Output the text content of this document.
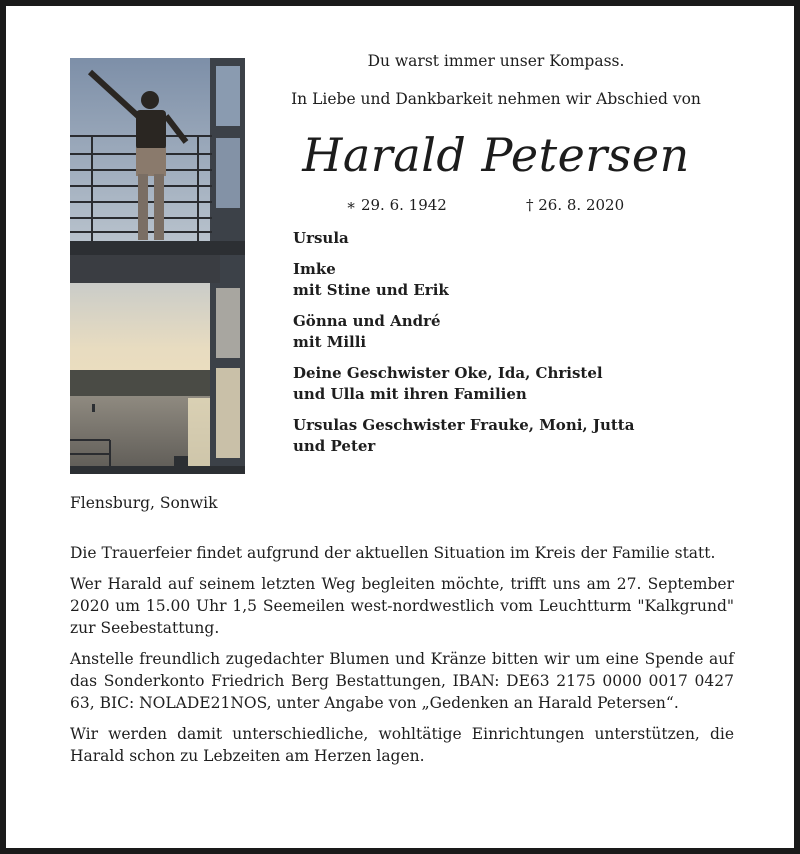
Du warst immer unser Kompass.
In Liebe und Dankbarkeit nehmen wir Abschied von
Harald Petersen
∗ 29. 6. 1942	† 26. 8. 2020
Ursula
Imke
mit Stine und Erik
Gönna und André
mit Milli
Deine Geschwister Oke, Ida, Christel
und Ulla mit ihren Familien
Ursulas Geschwister Frauke, Moni, Jutta
und Peter
Flensburg, Sonwik

Die Trauerfeier findet aufgrund der aktuellen Situation im Kreis der Familie statt.

Wer Harald auf seinem letzten Weg begleiten möchte, trifft uns am 27. September 2020 um 15.00 Uhr 1,5 Seemeilen west-nordwestlich vom Leuchtturm "Kalkgrund" zur Seebestattung.

Anstelle freundlich zugedachter Blumen und Kränze bitten wir um eine Spende auf das Sonderkonto Friedrich Berg Bestattungen, IBAN: DE63 2175 0000 0017 0427 63, BIC: NOLADE21NOS, unter Angabe von „Gedenken an Harald Petersen“.

Wir werden damit unterschiedliche, wohltätige Einrichtungen unterstützen, die Harald schon zu Lebzeiten am Herzen lagen.
